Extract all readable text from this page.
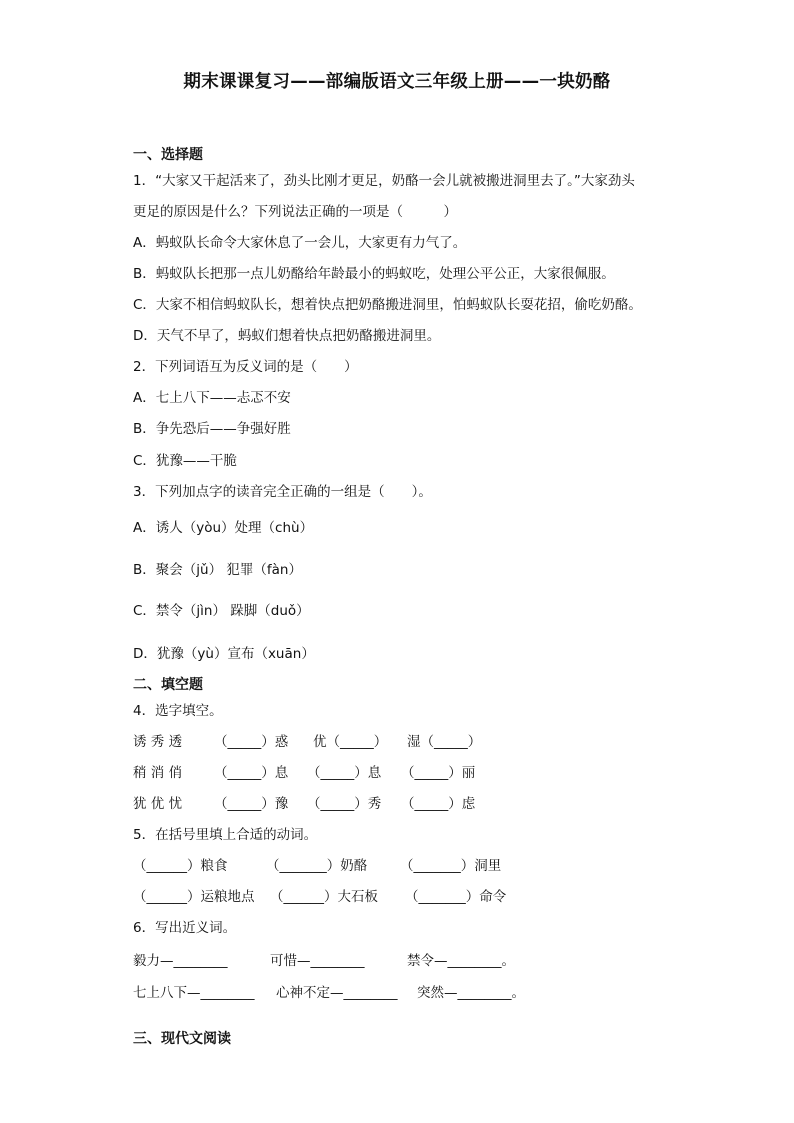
期末课课复习——部编版语文三年级上册——一块奶酪
一、选择题
1．“大家又干起活来了，劲头比刚才更足，奶酪一会儿就被搬进洞里去了。”大家劲头
更足的原因是什么？下列说法正确的一项是（　　　）
A．蚂蚁队长命令大家休息了一会儿，大家更有力气了。
B．蚂蚁队长把那一点儿奶酪给年龄最小的蚂蚁吃，处理公平公正，大家很佩服。
C．大家不相信蚂蚁队长，想着快点把奶酪搬进洞里，怕蚂蚁队长耍花招，偷吃奶酪。
D．天气不早了，蚂蚁们想着快点把奶酪搬进洞里。
2．下列词语互为反义词的是（　　）
A．七上八下——忐忑不安
B．争先恐后——争强好胜
C．犹豫——干脆
3．下列加点字的读音完全正确的一组是（　　）。
A．诱人（yòu）处理（chù）
B．聚会（jǔ） 犯罪（fàn）
C．禁令（jìn） 跺脚（duǒ）
D．犹豫（yù）宣布（xuān）
二、填空题
4．选字填空。
诱 秀 透 （_____）惑 优（_____） 湿（_____）
稍 消 俏 （_____）息 （_____）息 （_____）丽
犹 优 忧 （_____）豫 （_____）秀 （_____）虑
5．在括号里填上合适的动词。
（______）粮食	（_______）奶酪 （_______）洞里
（______）运粮地点 （______）大石板 （_______）命令
6．写出近义词。
毅力—________	可惜—________	禁令—________。
七上八下—________ 心神不定—________ 突然—________。
三、现代文阅读
